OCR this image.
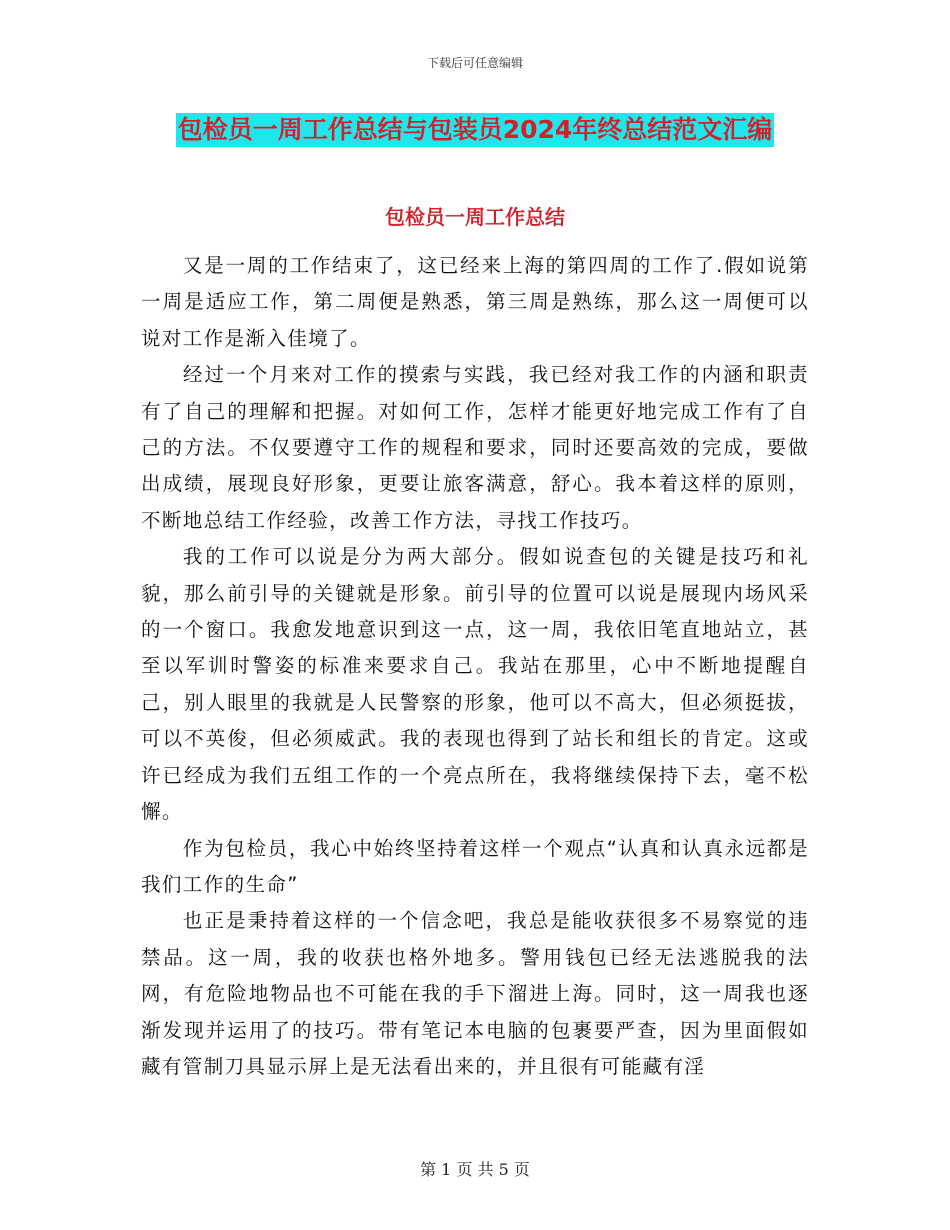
下载后可任意编辑
包检员一周工作总结与包装员2024年终总结范文汇编
包检员一周工作总结

又是一周的工作结束了，这已经来上海的第四周的工作了.假如说第一周是适应工作，第二周便是熟悉，第三周是熟练，那么这一周便可以说对工作是渐入佳境了。

经过一个月来对工作的摸索与实践，我已经对我工作的内涵和职责有了自己的理解和把握。对如何工作，怎样才能更好地完成工作有了自己的方法。不仅要遵守工作的规程和要求，同时还要高效的完成，要做出成绩，展现良好形象，更要让旅客满意，舒心。我本着这样的原则，不断地总结工作经验，改善工作方法，寻找工作技巧。

我的工作可以说是分为两大部分。假如说查包的关键是技巧和礼貌，那么前引导的关键就是形象。前引导的位置可以说是展现内场风采的一个窗口。我愈发地意识到这一点，这一周，我依旧笔直地站立，甚至以军训时警姿的标准来要求自己。我站在那里，心中不断地提醒自己，别人眼里的我就是人民警察的形象，他可以不高大，但必须挺拔，可以不英俊，但必须威武。我的表现也得到了站长和组长的肯定。这或许已经成为我们五组工作的一个亮点所在，我将继续保持下去，毫不松懈。

作为包检员，我心中始终坚持着这样一个观点“认真和认真永远都是我们工作的生命”

也正是秉持着这样的一个信念吧，我总是能收获很多不易察觉的违禁品。这一周，我的收获也格外地多。警用钱包已经无法逃脱我的法网，有危险地物品也不可能在我的手下溜进上海。同时，这一周我也逐渐发现并运用了的技巧。带有笔记本电脑的包裹要严查，因为里面假如藏有管制刀具显示屏上是无法看出来的，并且很有可能藏有淫

第 1 页 共 5 页
